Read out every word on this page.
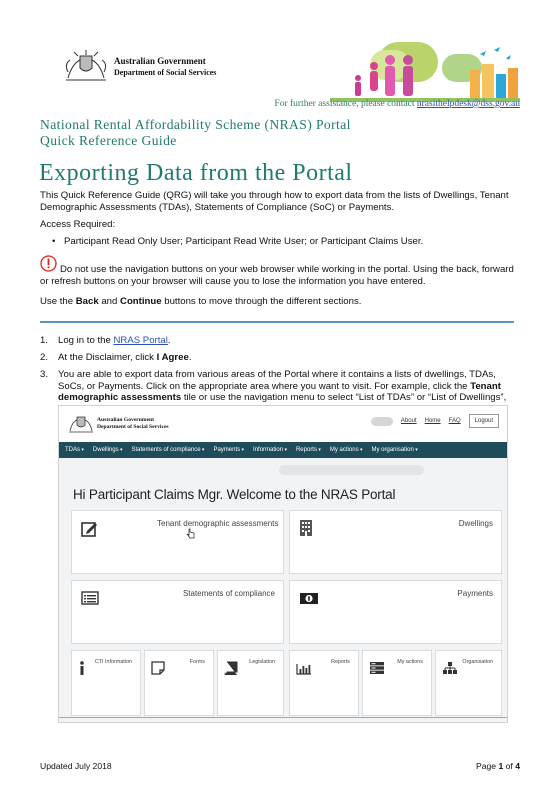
Australian Government
Department of Social Services
For further assistance, please contact nrasithelpdesk@dss.gov.au
National Rental Affordability Scheme (NRAS) Portal
Quick Reference Guide
Exporting Data from the Portal
This Quick Reference Guide (QRG) will take you through how to export data from the lists of Dwellings, Tenant Demographic Assessments (TDAs), Statements of Compliance (SoC) or Payments.
Access Required:
• Participant Read Only User; Participant Read Write User; or Participant Claims User.
Do not use the navigation buttons on your web browser while working in the portal. Using the back, forward or refresh buttons on your browser will cause you to lose the information you have entered.
Use the Back and Continue buttons to move through the different sections.
1.	Log in to the NRAS Portal.
2.	At the Disclaimer, click I Agree.
3.	You are able to export data from various areas of the Portal where it contains a lists of dwellings, TDAs, SoCs, or Payments. Click on the appropriate area where you want to visit. For example, click the Tenant demographic assessments tile or use the navigation menu to select “List of TDAs” or “List of Dwellings”,
Australian Government
Department of Social Services
About Home FAQ	Logout
TDAs ▾	Dwellings ▾	Statements of compliance ▾	Payments ▾	Information ▾	Reports ▾	My actions ▾	My organisation ▾
Hi Participant Claims Mgr. Welcome to the NRAS Portal
Tenant demographic assessments	Dwellings
Statements of compliance	Payments
CTI Information	Forms	Legislation	Reports	My actions	Organisation
Updated July 2018	Page 1 of 4
